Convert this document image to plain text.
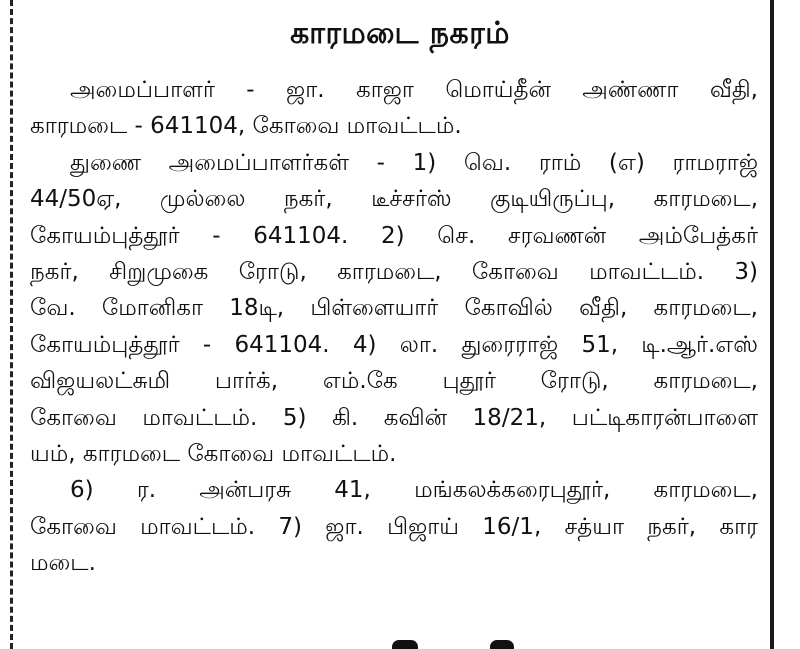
காரமடை நகரம்

அமைப்பாளர் - ஜா. காஜா மொய்தீன் அண்ணா வீதி,
காரமடை - 641104, கோவை மாவட்டம்.

துணை அமைப்பாளர்கள் - 1) வெ. ராம் (எ) ராமராஜ்
44/50ஏ, முல்லை நகர், டீச்சர்ஸ் குடியிருப்பு, காரமடை,
கோயம்புத்தூர் - 641104. 2) செ. சரவணன் அம்பேத்கர்
நகர், சிறுமுகை ரோடு, காரமடை, கோவை மாவட்டம். 3)
வே. மோனிகா 18டி, பிள்ளையார் கோவில் வீதி, காரமடை,
கோயம்புத்தூர் - 641104. 4) லா. துரைராஜ் 51, டி.ஆர்.எஸ்
விஜயலட்சுமி பார்க், எம்.கே புதூர் ரோடு, காரமடை,
கோவை மாவட்டம். 5) கி. கவின் 18/21, பட்டிகாரன்பாளை
யம், காரமடை கோவை மாவட்டம்.

6) ர. அன்பரசு 41, மங்கலக்கரைபுதூர், காரமடை,
கோவை மாவட்டம். 7) ஜா. பிஜாய் 16/1, சத்யா நகர், கார
மடை.
